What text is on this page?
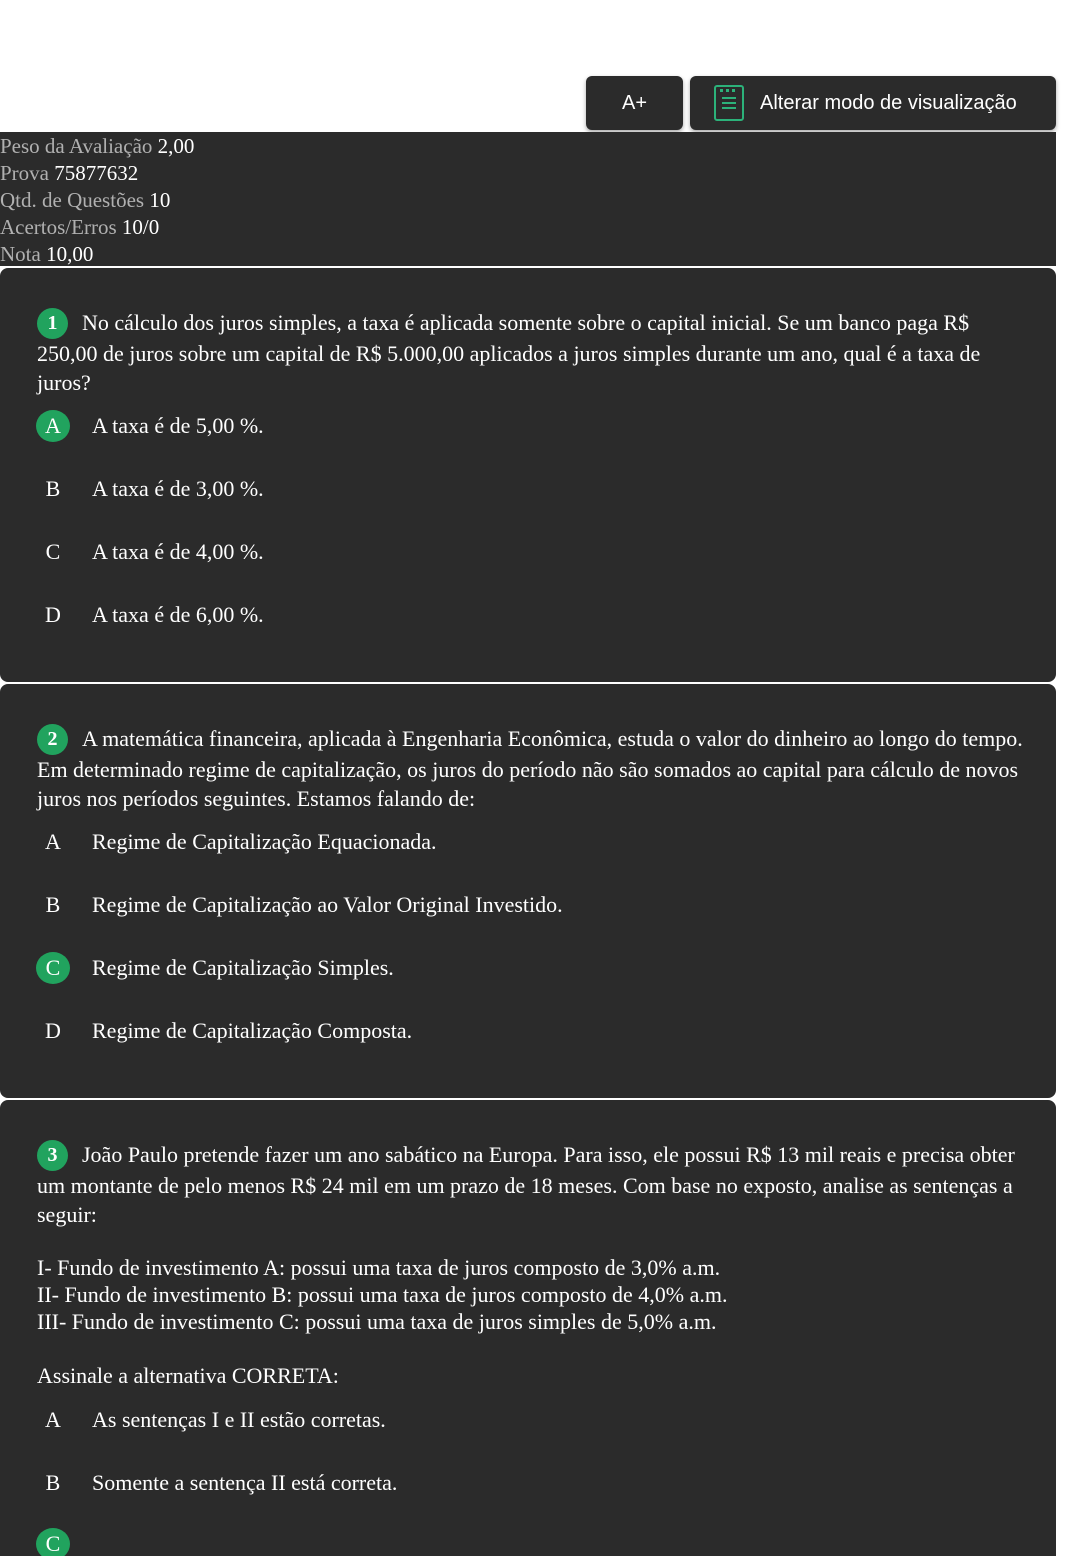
A+	Alterar modo de visualização
Peso da Avaliação 2,00
Prova 75877632
Qtd. de Questões 10
Acertos/Erros 10/0
Nota 10,00
1 No cálculo dos juros simples, a taxa é aplicada somente sobre o capital inicial. Se um banco paga R$ 250,00 de juros sobre um capital de R$ 5.000,00 aplicados a juros simples durante um ano, qual é a taxa de juros?
A	A taxa é de 5,00 %.
B	A taxa é de 3,00 %.
C	A taxa é de 4,00 %.
D	A taxa é de 6,00 %.
2 A matemática financeira, aplicada à Engenharia Econômica, estuda o valor do dinheiro ao longo do tempo. Em determinado regime de capitalização, os juros do período não são somados ao capital para cálculo de novos juros nos períodos seguintes. Estamos falando de:
A	Regime de Capitalização Equacionada.
B	Regime de Capitalização ao Valor Original Investido.
C	Regime de Capitalização Simples.
D	Regime de Capitalização Composta.
3 João Paulo pretende fazer um ano sabático na Europa. Para isso, ele possui R$ 13 mil reais e precisa obter um montante de pelo menos R$ 24 mil em um prazo de 18 meses. Com base no exposto, analise as sentenças a seguir:
I- Fundo de investimento A: possui uma taxa de juros composto de 3,0% a.m.
II- Fundo de investimento B: possui uma taxa de juros composto de 4,0% a.m.
III- Fundo de investimento C: possui uma taxa de juros simples de 5,0% a.m.
Assinale a alternativa CORRETA:
A	As sentenças I e II estão corretas.
B	Somente a sentença II está correta.
C
